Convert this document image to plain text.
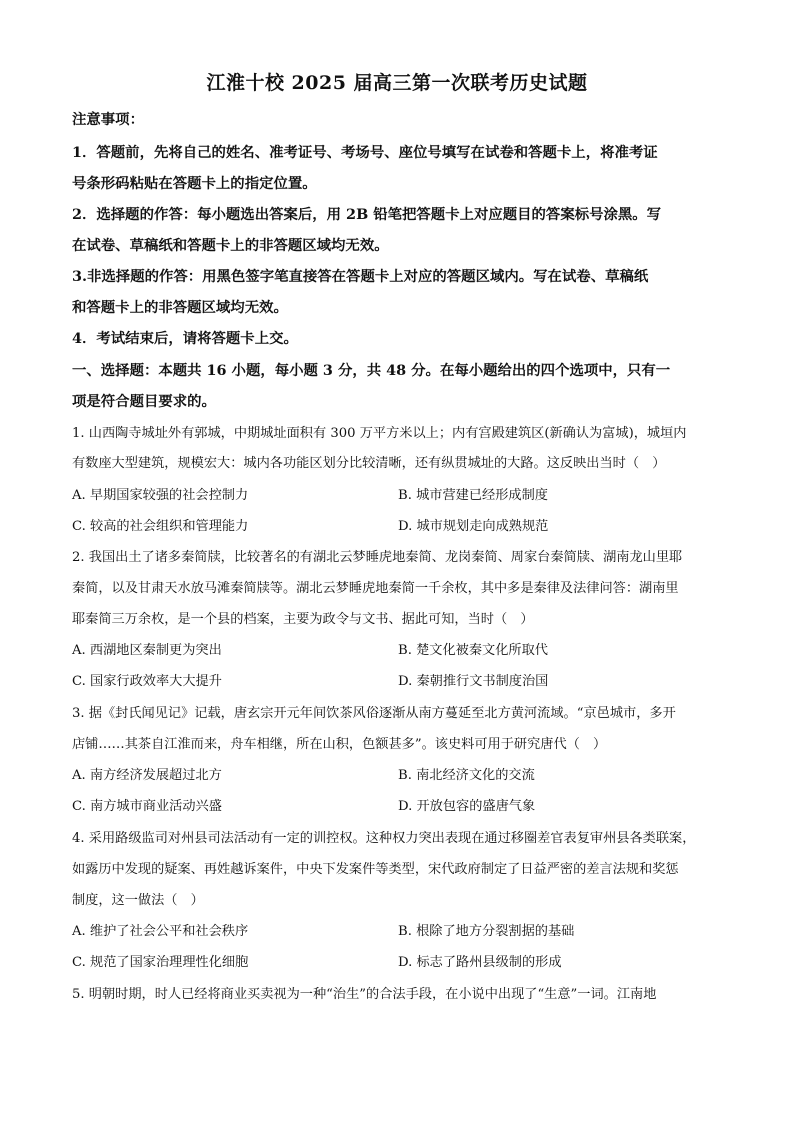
江淮十校 2025 届高三第一次联考历史试题
注意事项：
1．答题前，先将自己的姓名、准考证号、考场号、座位号填写在试卷和答题卡上，将准考证
号条形码粘贴在答题卡上的指定位置。
2．选择题的作答：每小题选出答案后，用 2B 铅笔把答题卡上对应题目的答案标号涂黑。写
在试卷、草稿纸和答题卡上的非答题区域均无效。
3.非选择题的作答：用黑色签字笔直接答在答题卡上对应的答题区域内。写在试卷、草稿纸
和答题卡上的非答题区域均无效。
4．考试结束后，请将答题卡上交。
一、选择题：本题共 16 小题，每小题 3 分，共 48 分。在每小题给出的四个选项中，只有一
项是符合题目要求的。
1. 山西陶寺城址外有郭城，中期城址面积有 300 万平方米以上；内有宫殿建筑区(新确认为富城)，城垣内
有数座大型建筑，规模宏大：城内各功能区划分比较清晰，还有纵贯城址的大路。这反映出当时（　）
A. 早期国家较强的社会控制力	B. 城市营建已经形成制度
C. 较高的社会组织和管理能力	D. 城市规划走向成熟规范
2. 我国出土了诸多秦简牍，比较著名的有湖北云梦睡虎地秦简、龙岗秦简、周家台秦简牍、湖南龙山里耶
秦简，以及甘肃天水放马滩秦简牍等。湖北云梦睡虎地秦简一千余枚，其中多是秦律及法律问答：湖南里
耶秦简三万余枚，是一个县的档案，主要为政令与文书、据此可知，当时（　）
A. 西湖地区秦制更为突出	B. 楚文化被秦文化所取代
C. 国家行政效率大大提升	D. 秦朝推行文书制度治国
3. 据《封氏闻见记》记载，唐玄宗开元年间饮茶风俗逐渐从南方蔓延至北方黄河流域。“京邑城市，多开
店铺……其茶自江淮而来，舟车相继，所在山积，色额甚多”。该史料可用于研究唐代（　）
A. 南方经济发展超过北方	B. 南北经济文化的交流
C. 南方城市商业活动兴盛	D. 开放包容的盛唐气象
4. 采用路级监司对州县司法活动有一定的训控权。这种权力突出表现在通过移圈差官表复审州县各类联案，
如露历中发现的疑案、再姓越诉案件，中央下发案件等类型，宋代政府制定了日益严密的差言法规和奖惩
制度，这一做法（　）
A. 维护了社会公平和社会秩序	B. 根除了地方分裂割据的基础
C. 规范了国家治理理性化细胞	D. 标志了路州县级制的形成
5. 明朝时期，时人已经将商业买卖视为一种“治生”的合法手段，在小说中出现了“生意”一词。江南地
